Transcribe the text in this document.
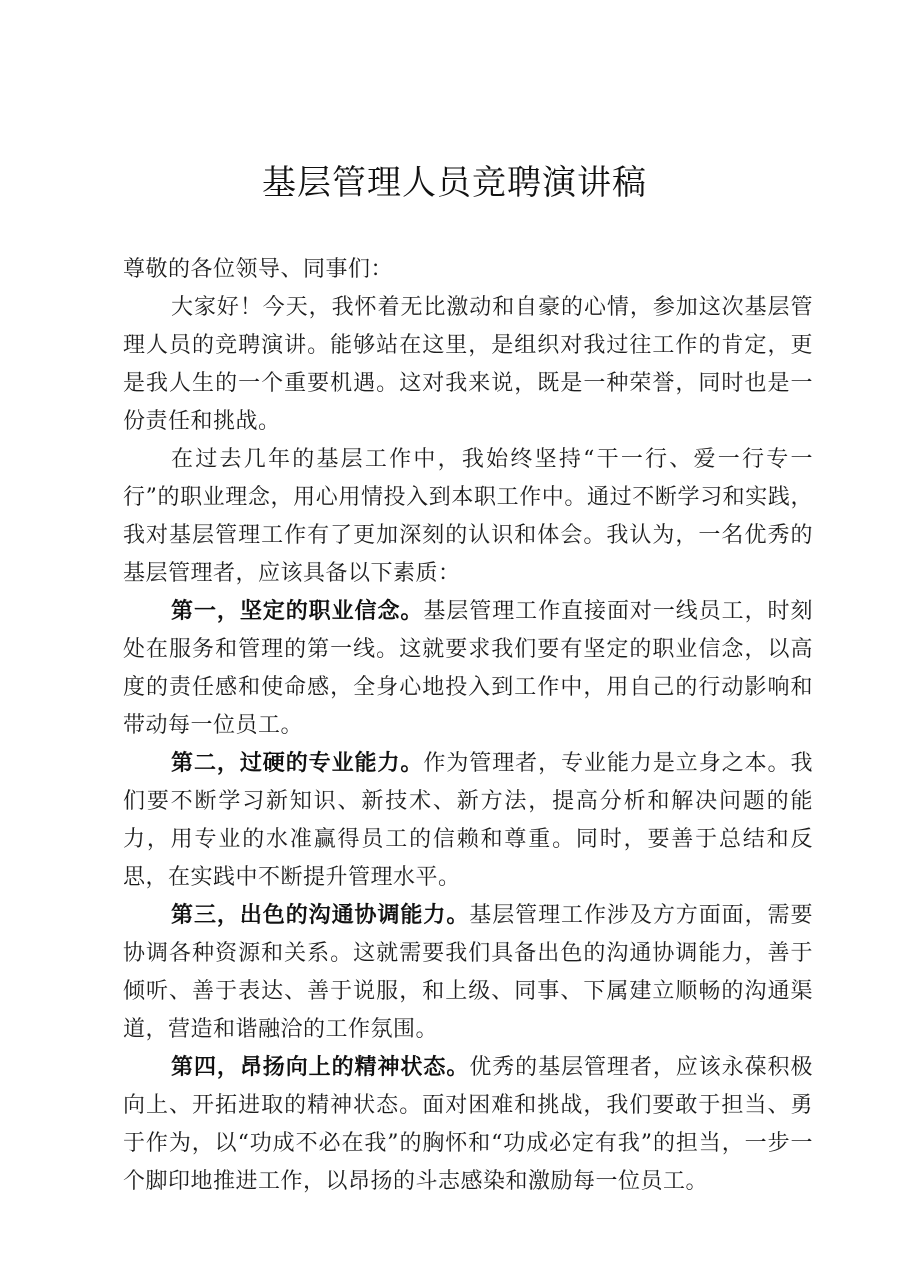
基层管理人员竞聘演讲稿

尊敬的各位领导、同事们：

大家好！今天，我怀着无比激动和自豪的心情，参加这次基层管理人员的竞聘演讲。能够站在这里，是组织对我过往工作的肯定，更是我人生的一个重要机遇。这对我来说，既是一种荣誉，同时也是一份责任和挑战。

在过去几年的基层工作中，我始终坚持“干一行、爱一行专一行”的职业理念，用心用情投入到本职工作中。通过不断学习和实践，我对基层管理工作有了更加深刻的认识和体会。我认为，一名优秀的基层管理者，应该具备以下素质：

第一，坚定的职业信念。基层管理工作直接面对一线员工，时刻处在服务和管理的第一线。这就要求我们要有坚定的职业信念，以高度的责任感和使命感，全身心地投入到工作中，用自己的行动影响和带动每一位员工。

第二，过硬的专业能力。作为管理者，专业能力是立身之本。我们要不断学习新知识、新技术、新方法，提高分析和解决问题的能力，用专业的水准赢得员工的信赖和尊重。同时，要善于总结和反思，在实践中不断提升管理水平。

第三，出色的沟通协调能力。基层管理工作涉及方方面面，需要协调各种资源和关系。这就需要我们具备出色的沟通协调能力，善于倾听、善于表达、善于说服，和上级、同事、下属建立顺畅的沟通渠道，营造和谐融洽的工作氛围。

第四，昂扬向上的精神状态。优秀的基层管理者，应该永葆积极向上、开拓进取的精神状态。面对困难和挑战，我们要敢于担当、勇于作为，以“功成不必在我”的胸怀和“功成必定有我”的担当，一步一个脚印地推进工作，以昂扬的斗志感染和激励每一位员工。
